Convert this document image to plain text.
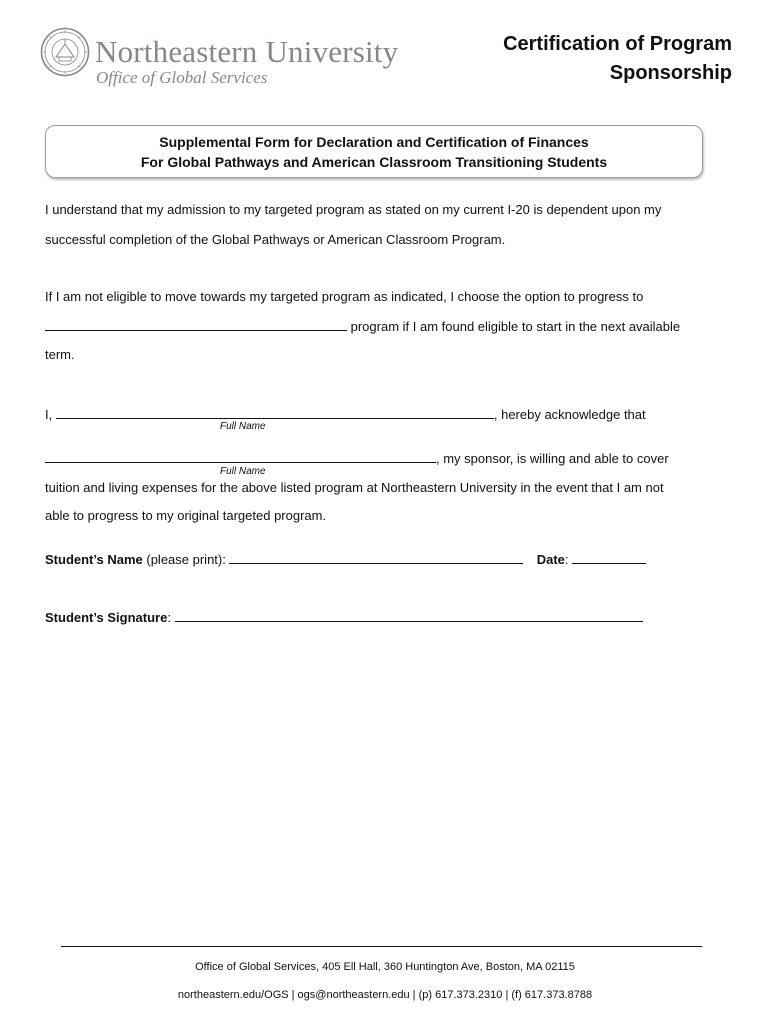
Northeastern University
Office of Global Services
Certification of Program
Sponsorship
Supplemental Form for Declaration and Certification of Finances
For Global Pathways and American Classroom Transitioning Students
I understand that my admission to my targeted program as stated on my current I-20 is dependent upon my
successful completion of the Global Pathways or American Classroom Program.
If I am not eligible to move towards my targeted program as indicated, I choose the option to progress to
program if I am found eligible to start in the next available
term.
I,	, hereby acknowledge that
Full Name
, my sponsor, is willing and able to cover
Full Name
tuition and living expenses for the above listed program at Northeastern University in the event that I am not
able to progress to my original targeted program.
Student’s Name (please print):	Date:
Student’s Signature:
Office of Global Services, 405 Ell Hall, 360 Huntington Ave, Boston, MA 02115
northeastern.edu/OGS | ogs@northeastern.edu | (p) 617.373.2310 | (f) 617.373.8788
